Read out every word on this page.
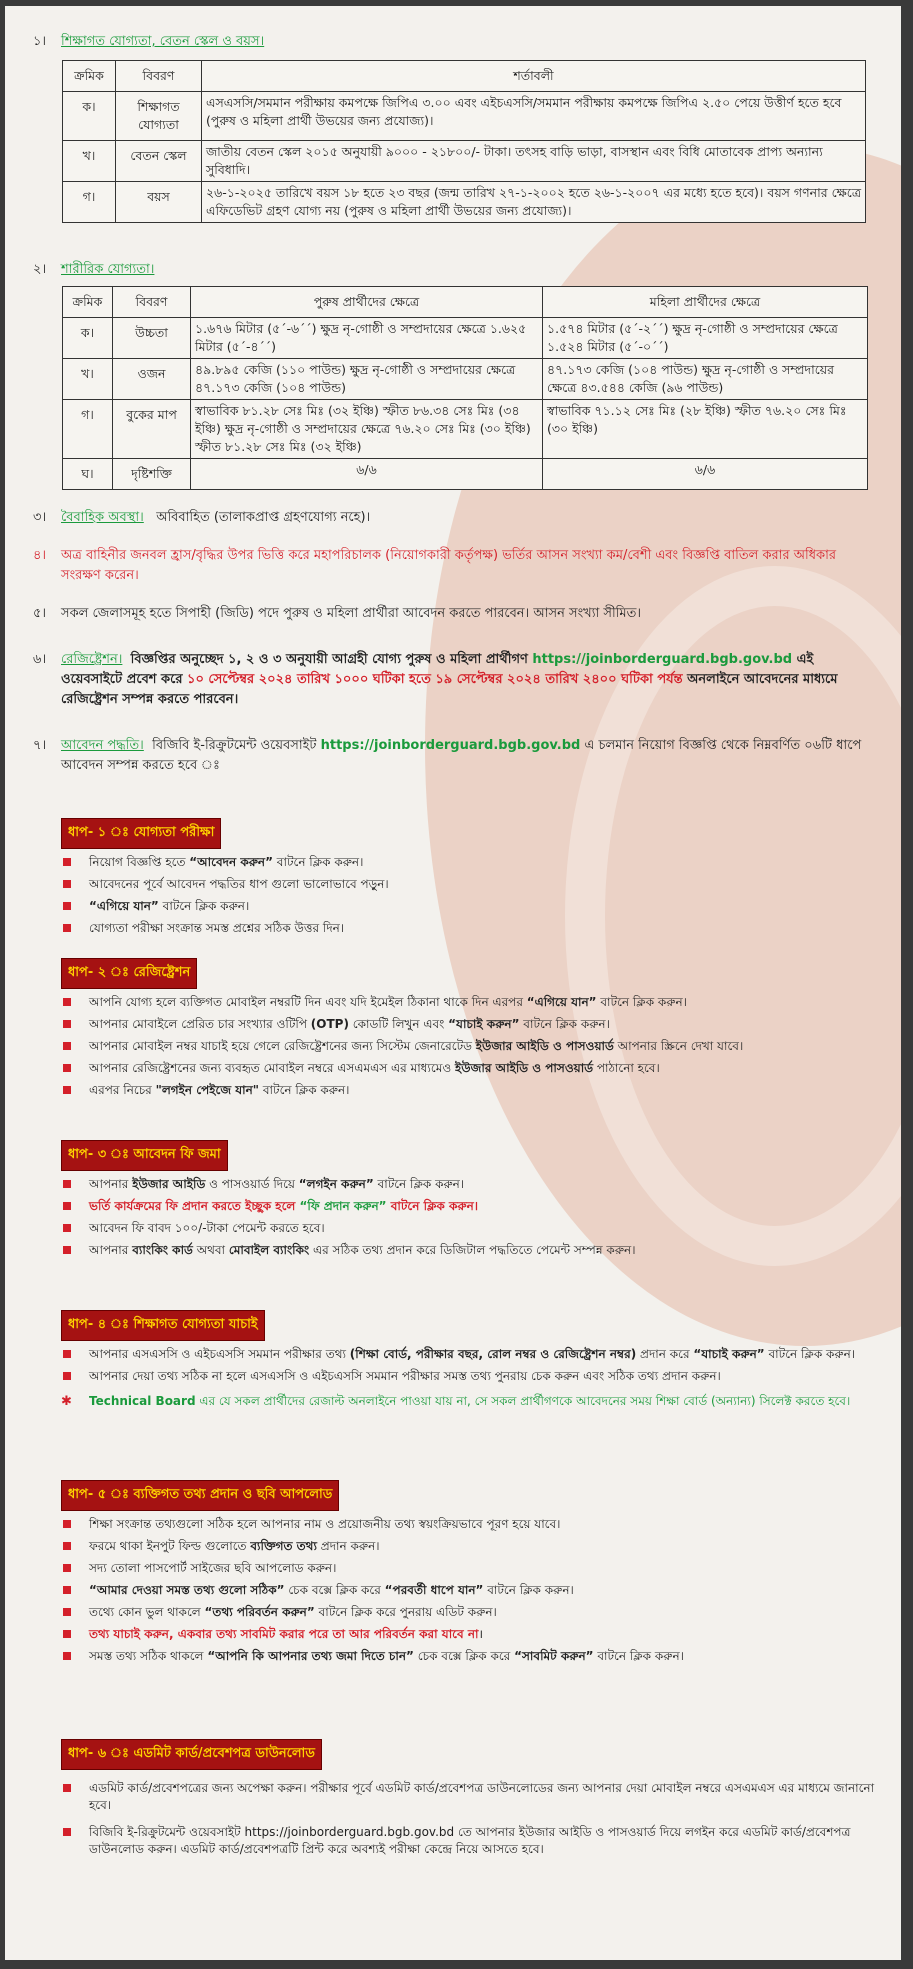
১। শিক্ষাগত যোগ্যতা, বেতন স্কেল ও বয়স।
ক্রমিক	বিবরণ	শর্তাবলী
ক।	শিক্ষাগত যোগ্যতা	এসএসসি/সমমান পরীক্ষায় কমপক্ষে জিপিএ ৩.০০ এবং এইচএসসি/সমমান পরীক্ষায় কমপক্ষে জিপিএ ২.৫০ পেয়ে উত্তীর্ণ হতে হবে (পুরুষ ও মহিলা প্রার্থী উভয়ের জন্য প্রযোজ্য)।
খ।	বেতন স্কেল	জাতীয় বেতন স্কেল ২০১৫ অনুযায়ী ৯০০০ - ২১৮০০/- টাকা। তৎসহ বাড়ি ভাড়া, বাসস্থান এবং বিধি মোতাবেক প্রাপ্য অন্যান্য সুবিধাদি।
গ।	বয়স	২৬-১-২০২৫ তারিখে বয়স ১৮ হতে ২৩ বছর (জন্ম তারিখ ২৭-১-২০০২ হতে ২৬-১-২০০৭ এর মধ্যে হতে হবে)। বয়স গণনার ক্ষেত্রে এফিডেভিট গ্রহণ যোগ্য নয় (পুরুষ ও মহিলা প্রার্থী উভয়ের জন্য প্রযোজ্য)।
২। শারীরিক যোগ্যতা।
ক্রমিক	বিবরণ	পুরুষ প্রার্থীদের ক্ষেত্রে	মহিলা প্রার্থীদের ক্ষেত্রে
ক।	উচ্চতা	১.৬৭৬ মিটার (৫´-৬´´) ক্ষুদ্র নৃ-গোষ্ঠী ও সম্প্রদায়ের ক্ষেত্রে ১.৬২৫ মিটার (৫´-৪´´)	১.৫৭৪ মিটার (৫´-২´´) ক্ষুদ্র নৃ-গোষ্ঠী ও সম্প্রদায়ের ক্ষেত্রে ১.৫২৪ মিটার (৫´-০´´)
খ।	ওজন	৪৯.৮৯৫ কেজি (১১০ পাউন্ড) ক্ষুদ্র নৃ-গোষ্ঠী ও সম্প্রদায়ের ক্ষেত্রে ৪৭.১৭৩ কেজি (১০৪ পাউন্ড)	৪৭.১৭৩ কেজি (১০৪ পাউন্ড) ক্ষুদ্র নৃ-গোষ্ঠী ও সম্প্রদায়ের ক্ষেত্রে ৪৩.৫৪৪ কেজি (৯৬ পাউন্ড)
গ।	বুকের মাপ	স্বাভাবিক ৮১.২৮ সেঃ মিঃ (৩২ ইঞ্চি) স্ফীত ৮৬.৩৪ সেঃ মিঃ (৩৪ ইঞ্চি) ক্ষুদ্র নৃ-গোষ্ঠী ও সম্প্রদায়ের ক্ষেত্রে ৭৬.২০ সেঃ মিঃ (৩০ ইঞ্চি) স্ফীত ৮১.২৮ সেঃ মিঃ (৩২ ইঞ্চি)	স্বাভাবিক ৭১.১২ সেঃ মিঃ (২৮ ইঞ্চি) স্ফীত ৭৬.২০ সেঃ মিঃ (৩০ ইঞ্চি)
ঘ।	দৃষ্টিশক্তি	৬/৬	৬/৬
৩। বৈবাহিক অবস্থা। অবিবাহিত (তালাকপ্রাপ্ত গ্রহণযোগ্য নহে)।
৪। অত্র বাহিনীর জনবল হ্রাস/বৃদ্ধির উপর ভিত্তি করে মহাপরিচালক (নিয়োগকারী কর্তৃপক্ষ) ভর্তির আসন সংখ্যা কম/বেশী এবং বিজ্ঞপ্তি বাতিল করার অধিকার সংরক্ষণ করেন।
৫। সকল জেলাসমূহ হতে সিপাহী (জিডি) পদে পুরুষ ও মহিলা প্রার্থীরা আবেদন করতে পারবেন। আসন সংখ্যা সীমিত।
৬। রেজিষ্ট্রেশন। বিজ্ঞপ্তির অনুচ্ছেদ ১, ২ ও ৩ অনুযায়ী আগ্রহী যোগ্য পুরুষ ও মহিলা প্রার্থীগণ https://joinborderguard.bgb.gov.bd এই ওয়েবসাইটে প্রবেশ করে ১০ সেপ্টেম্বর ২০২৪ তারিখ ১০০০ ঘটিকা হতে ১৯ সেপ্টেম্বর ২০২৪ তারিখ ২৪০০ ঘটিকা পর্যন্ত অনলাইনে আবেদনের মাধ্যমে রেজিষ্ট্রেশন সম্পন্ন করতে পারবেন।
৭। আবেদন পদ্ধতি। বিজিবি ই-রিক্রুটমেন্ট ওয়েবসাইট https://joinborderguard.bgb.gov.bd এ চলমান নিয়োগ বিজ্ঞপ্তি থেকে নিম্নবর্ণিত ০৬টি ধাপে আবেদন সম্পন্ন করতে হবে ঃ
ধাপ- ১ ঃ যোগ্যতা পরীক্ষা
নিয়োগ বিজ্ঞপ্তি হতে “আবেদন করুন” বাটনে ক্লিক করুন।
আবেদনের পূর্বে আবেদন পদ্ধতির ধাপ গুলো ভালোভাবে পড়ুন।
“এগিয়ে যান” বাটনে ক্লিক করুন।
যোগ্যতা পরীক্ষা সংক্রান্ত সমস্ত প্রশ্নের সঠিক উত্তর দিন।
ধাপ- ২ ঃ রেজিষ্ট্রেশন
আপনি যোগ্য হলে ব্যক্তিগত মোবাইল নম্বরটি দিন এবং যদি ইমেইল ঠিকানা থাকে দিন এরপর “এগিয়ে যান” বাটনে ক্লিক করুন।
আপনার মোবাইলে প্রেরিত চার সংখ্যার ওটিপি (OTP) কোডটি লিখুন এবং “যাচাই করুন” বাটনে ক্লিক করুন।
আপনার মোবাইল নম্বর যাচাই হয়ে গেলে রেজিষ্ট্রেশনের জন্য সিস্টেম জেনারেটেড ইউজার আইডি ও পাসওয়ার্ড আপনার স্ক্রিনে দেখা যাবে।
আপনার রেজিষ্ট্রেশনের জন্য ব্যবহৃত মোবাইল নম্বরে এসএমএস এর মাধ্যমেও ইউজার আইডি ও পাসওয়ার্ড পাঠানো হবে।
এরপর নিচের "লগইন পেইজে যান" বাটনে ক্লিক করুন।
ধাপ- ৩ ঃ আবেদন ফি জমা
আপনার ইউজার আইডি ও পাসওয়ার্ড দিয়ে “লগইন করুন” বাটনে ক্লিক করুন।
ভর্তি কার্যক্রমের ফি প্রদান করতে ইচ্ছুক হলে “ফি প্রদান করুন” বাটনে ক্লিক করুন।
আবেদন ফি বাবদ ১০০/-টাকা পেমেন্ট করতে হবে।
আপনার ব্যাংকিং কার্ড অথবা মোবাইল ব্যাংকিং এর সঠিক তথ্য প্রদান করে ডিজিটাল পদ্ধতিতে পেমেন্ট সম্পন্ন করুন।
ধাপ- ৪ ঃ শিক্ষাগত যোগ্যতা যাচাই
আপনার এসএসসি ও এইচএসসি সমমান পরীক্ষার তথ্য (শিক্ষা বোর্ড, পরীক্ষার বছর, রোল নম্বর ও রেজিষ্ট্রেশন নম্বর) প্রদান করে “যাচাই করুন” বাটনে ক্লিক করুন।
আপনার দেয়া তথ্য সঠিক না হলে এসএসসি ও এইচএসসি সমমান পরীক্ষার সমস্ত তথ্য পুনরায় চেক করুন এবং সঠিক তথ্য প্রদান করুন।
✱ Technical Board এর যে সকল প্রার্থীদের রেজাল্ট অনলাইনে পাওয়া যায় না, সে সকল প্রার্থীগণকে আবেদনের সময় শিক্ষা বোর্ড (অন্যান্য) সিলেক্ট করতে হবে।
ধাপ- ৫ ঃ ব্যক্তিগত তথ্য প্রদান ও ছবি আপলোড
শিক্ষা সংক্রান্ত তথ্যগুলো সঠিক হলে আপনার নাম ও প্রয়োজনীয় তথ্য স্বয়ংক্রিয়ভাবে পূরণ হয়ে যাবে।
ফরমে থাকা ইনপুট ফিল্ড গুলোতে ব্যক্তিগত তথ্য প্রদান করুন।
সদ্য তোলা পাসপোর্ট সাইজের ছবি আপলোড করুন।
“আমার দেওয়া সমস্ত তথ্য গুলো সঠিক” চেক বক্সে ক্লিক করে “পরবর্তী ধাপে যান” বাটনে ক্লিক করুন।
তথ্যে কোন ভুল থাকলে “তথ্য পরিবর্তন করুন” বাটনে ক্লিক করে পুনরায় এডিট করুন।
তথ্য যাচাই করুন, একবার তথ্য সাবমিট করার পরে তা আর পরিবর্তন করা যাবে না।
সমস্ত তথ্য সঠিক থাকলে “আপনি কি আপনার তথ্য জমা দিতে চান” চেক বক্সে ক্লিক করে “সাবমিট করুন” বাটনে ক্লিক করুন।
ধাপ- ৬ ঃ এডমিট কার্ড/প্রবেশপত্র ডাউনলোড
এডমিট কার্ড/প্রবেশপত্রের জন্য অপেক্ষা করুন। পরীক্ষার পূর্বে এডমিট কার্ড/প্রবেশপত্র ডাউনলোডের জন্য আপনার দেয়া মোবাইল নম্বরে এসএমএস এর মাধ্যমে জানানো হবে।
বিজিবি ই-রিক্রুটমেন্ট ওয়েবসাইট https://joinborderguard.bgb.gov.bd তে আপনার ইউজার আইডি ও পাসওয়ার্ড দিয়ে লগইন করে এডমিট কার্ড/প্রবেশপত্র ডাউনলোড করুন। এডমিট কার্ড/প্রবেশপত্রটি প্রিন্ট করে অবশ্যই পরীক্ষা কেন্দ্রে নিয়ে আসতে হবে।
